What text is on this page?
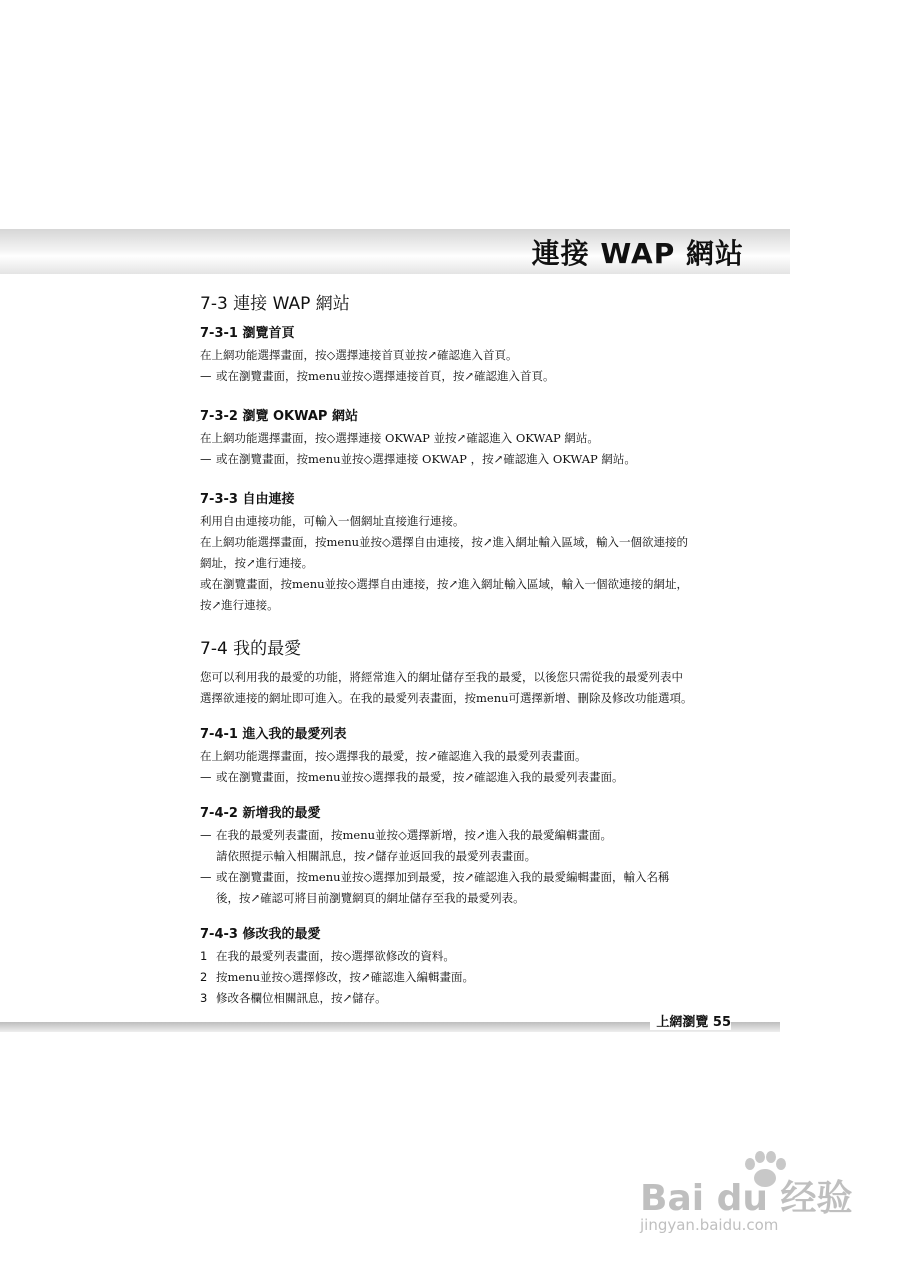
連接 WAP 網站
7-3 連接 WAP 網站
7-3-1 瀏覽首頁
在上網功能選擇畫面，按◇選擇連接首頁並按↗確認進入首頁。
— 或在瀏覽畫面，按menu並按◇選擇連接首頁，按↗確認進入首頁。
7-3-2 瀏覽 OKWAP 網站
在上網功能選擇畫面，按◇選擇連接 OKWAP 並按↗確認進入 OKWAP 網站。
— 或在瀏覽畫面，按menu並按◇選擇連接 OKWAP ，按↗確認進入 OKWAP 網站。
7-3-3 自由連接
利用自由連接功能，可輸入一個網址直接進行連接。
在上網功能選擇畫面，按menu並按◇選擇自由連接，按↗進入網址輸入區域，輸入一個欲連接的
網址，按↗進行連接。
或在瀏覽畫面，按menu並按◇選擇自由連接，按↗進入網址輸入區域，輸入一個欲連接的網址，
按↗進行連接。
7-4 我的最愛
您可以利用我的最愛的功能，將經常進入的網址儲存至我的最愛，以後您只需從我的最愛列表中
選擇欲連接的網址即可進入。在我的最愛列表畫面，按menu可選擇新增、刪除及修改功能選項。
7-4-1 進入我的最愛列表
在上網功能選擇畫面，按◇選擇我的最愛，按↗確認進入我的最愛列表畫面。
— 或在瀏覽畫面，按menu並按◇選擇我的最愛，按↗確認進入我的最愛列表畫面。
7-4-2 新增我的最愛
— 在我的最愛列表畫面，按menu並按◇選擇新增，按↗進入我的最愛編輯畫面。
請依照提示輸入相關訊息，按↗儲存並返回我的最愛列表畫面。
— 或在瀏覽畫面，按menu並按◇選擇加到最愛，按↗確認進入我的最愛編輯畫面，輸入名稱
後，按↗確認可將目前瀏覽網頁的網址儲存至我的最愛列表。
7-4-3 修改我的最愛
1 在我的最愛列表畫面，按◇選擇欲修改的資料。
2 按menu並按◇選擇修改，按↗確認進入編輯畫面。
3 修改各欄位相關訊息，按↗儲存。
上網瀏覽 55
Bai du 经验
jingyan.baidu.com
